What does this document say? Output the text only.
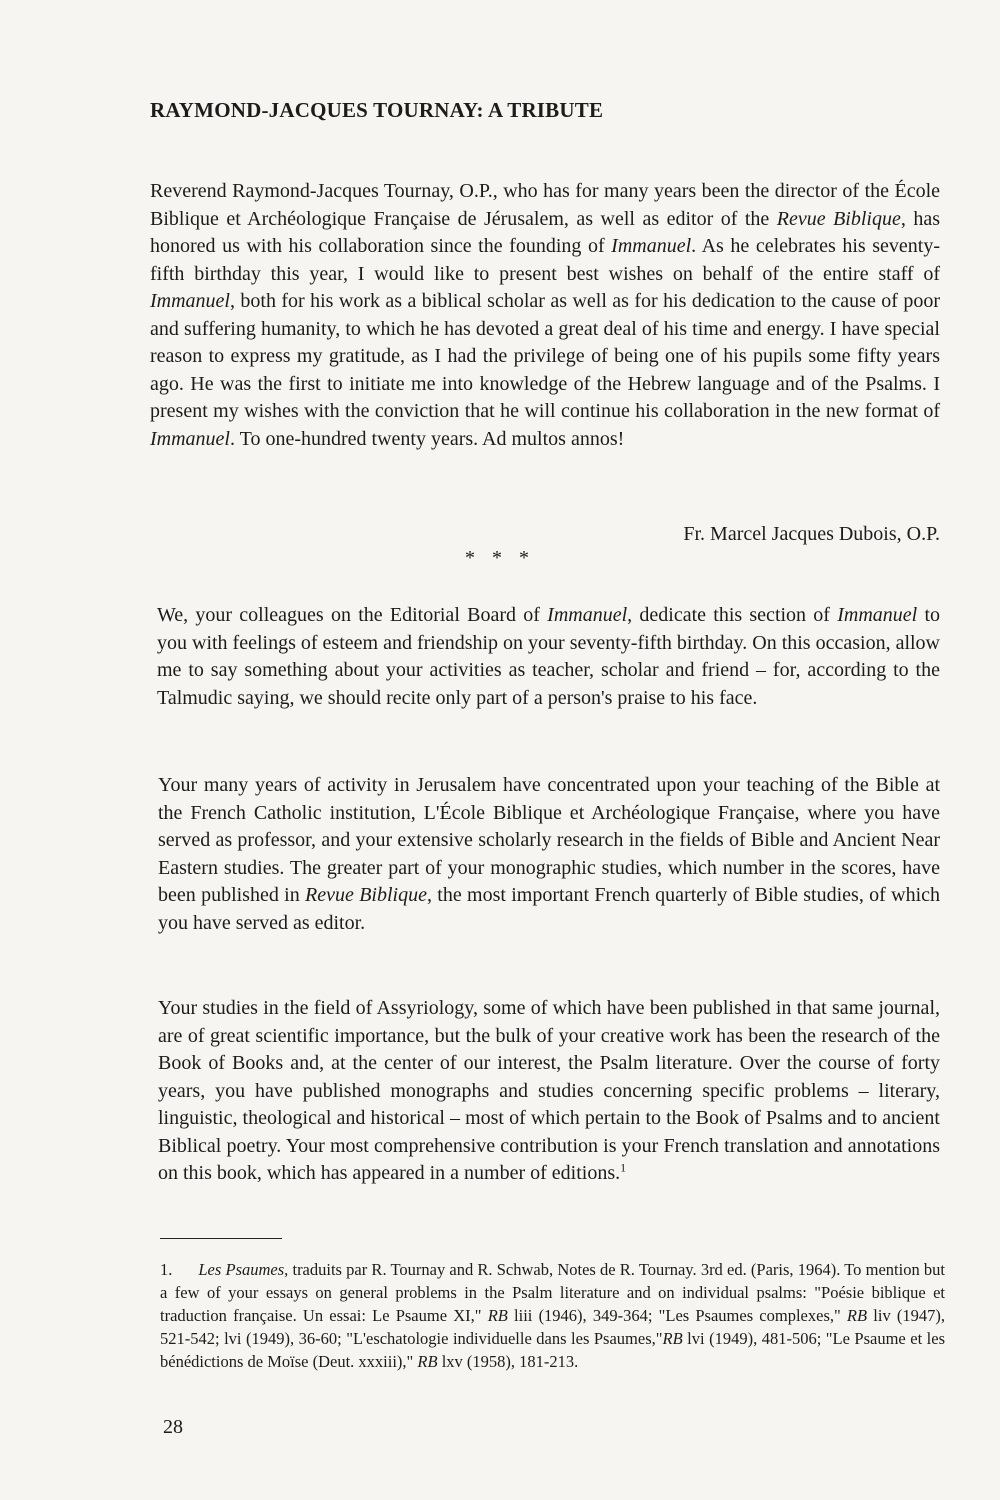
RAYMOND-JACQUES TOURNAY: A TRIBUTE

Reverend Raymond-Jacques Tournay, O.P., who has for many years been the director of the École Biblique et Archéologique Française de Jérusalem, as well as editor of the Revue Biblique, has honored us with his collaboration since the founding of Immanuel. As he celebrates his seventy-fifth birthday this year, I would like to present best wishes on behalf of the entire staff of Immanuel, both for his work as a biblical scholar as well as for his dedication to the cause of poor and suffering humanity, to which he has devoted a great deal of his time and energy. I have special reason to express my gratitude, as I had the privilege of being one of his pupils some fifty years ago. He was the first to initiate me into knowledge of the Hebrew language and of the Psalms. I present my wishes with the conviction that he will continue his collaboration in the new format of Immanuel. To one-hundred twenty years. Ad multos annos!

Fr. Marcel Jacques Dubois, O.P.
* * *

We, your colleagues on the Editorial Board of Immanuel, dedicate this section of Immanuel to you with feelings of esteem and friendship on your seventy-fifth birthday. On this occasion, allow me to say something about your activities as teacher, scholar and friend – for, according to the Talmudic saying, we should recite only part of a person's praise to his face.

Your many years of activity in Jerusalem have concentrated upon your teaching of the Bible at the French Catholic institution, L'École Biblique et Archéologique Française, where you have served as professor, and your extensive scholarly research in the fields of Bible and Ancient Near Eastern studies. The greater part of your monographic studies, which number in the scores, have been published in Revue Biblique, the most important French quarterly of Bible studies, of which you have served as editor.

Your studies in the field of Assyriology, some of which have been published in that same journal, are of great scientific importance, but the bulk of your creative work has been the research of the Book of Books and, at the center of our interest, the Psalm literature. Over the course of forty years, you have published monographs and studies concerning specific problems – literary, linguistic, theological and historical – most of which pertain to the Book of Psalms and to ancient Biblical poetry. Your most comprehensive contribution is your French translation and annotations on this book, which has appeared in a number of editions.$^1$

1. Les Psaumes, traduits par R. Tournay and R. Schwab, Notes de R. Tournay. 3rd ed. (Paris, 1964). To mention but a few of your essays on general problems in the Psalm literature and on individual psalms: "Poésie biblique et traduction française. Un essai: Le Psaume XI," RB liii (1946), 349-364; "Les Psaumes complexes," RB liv (1947), 521-542; lvi (1949), 36-60; "L'eschatologie individuelle dans les Psaumes,"RB lvi (1949), 481-506; "Le Psaume et les bénédictions de Moïse (Deut. xxxiii)," RB lxv (1958), 181-213.

28
